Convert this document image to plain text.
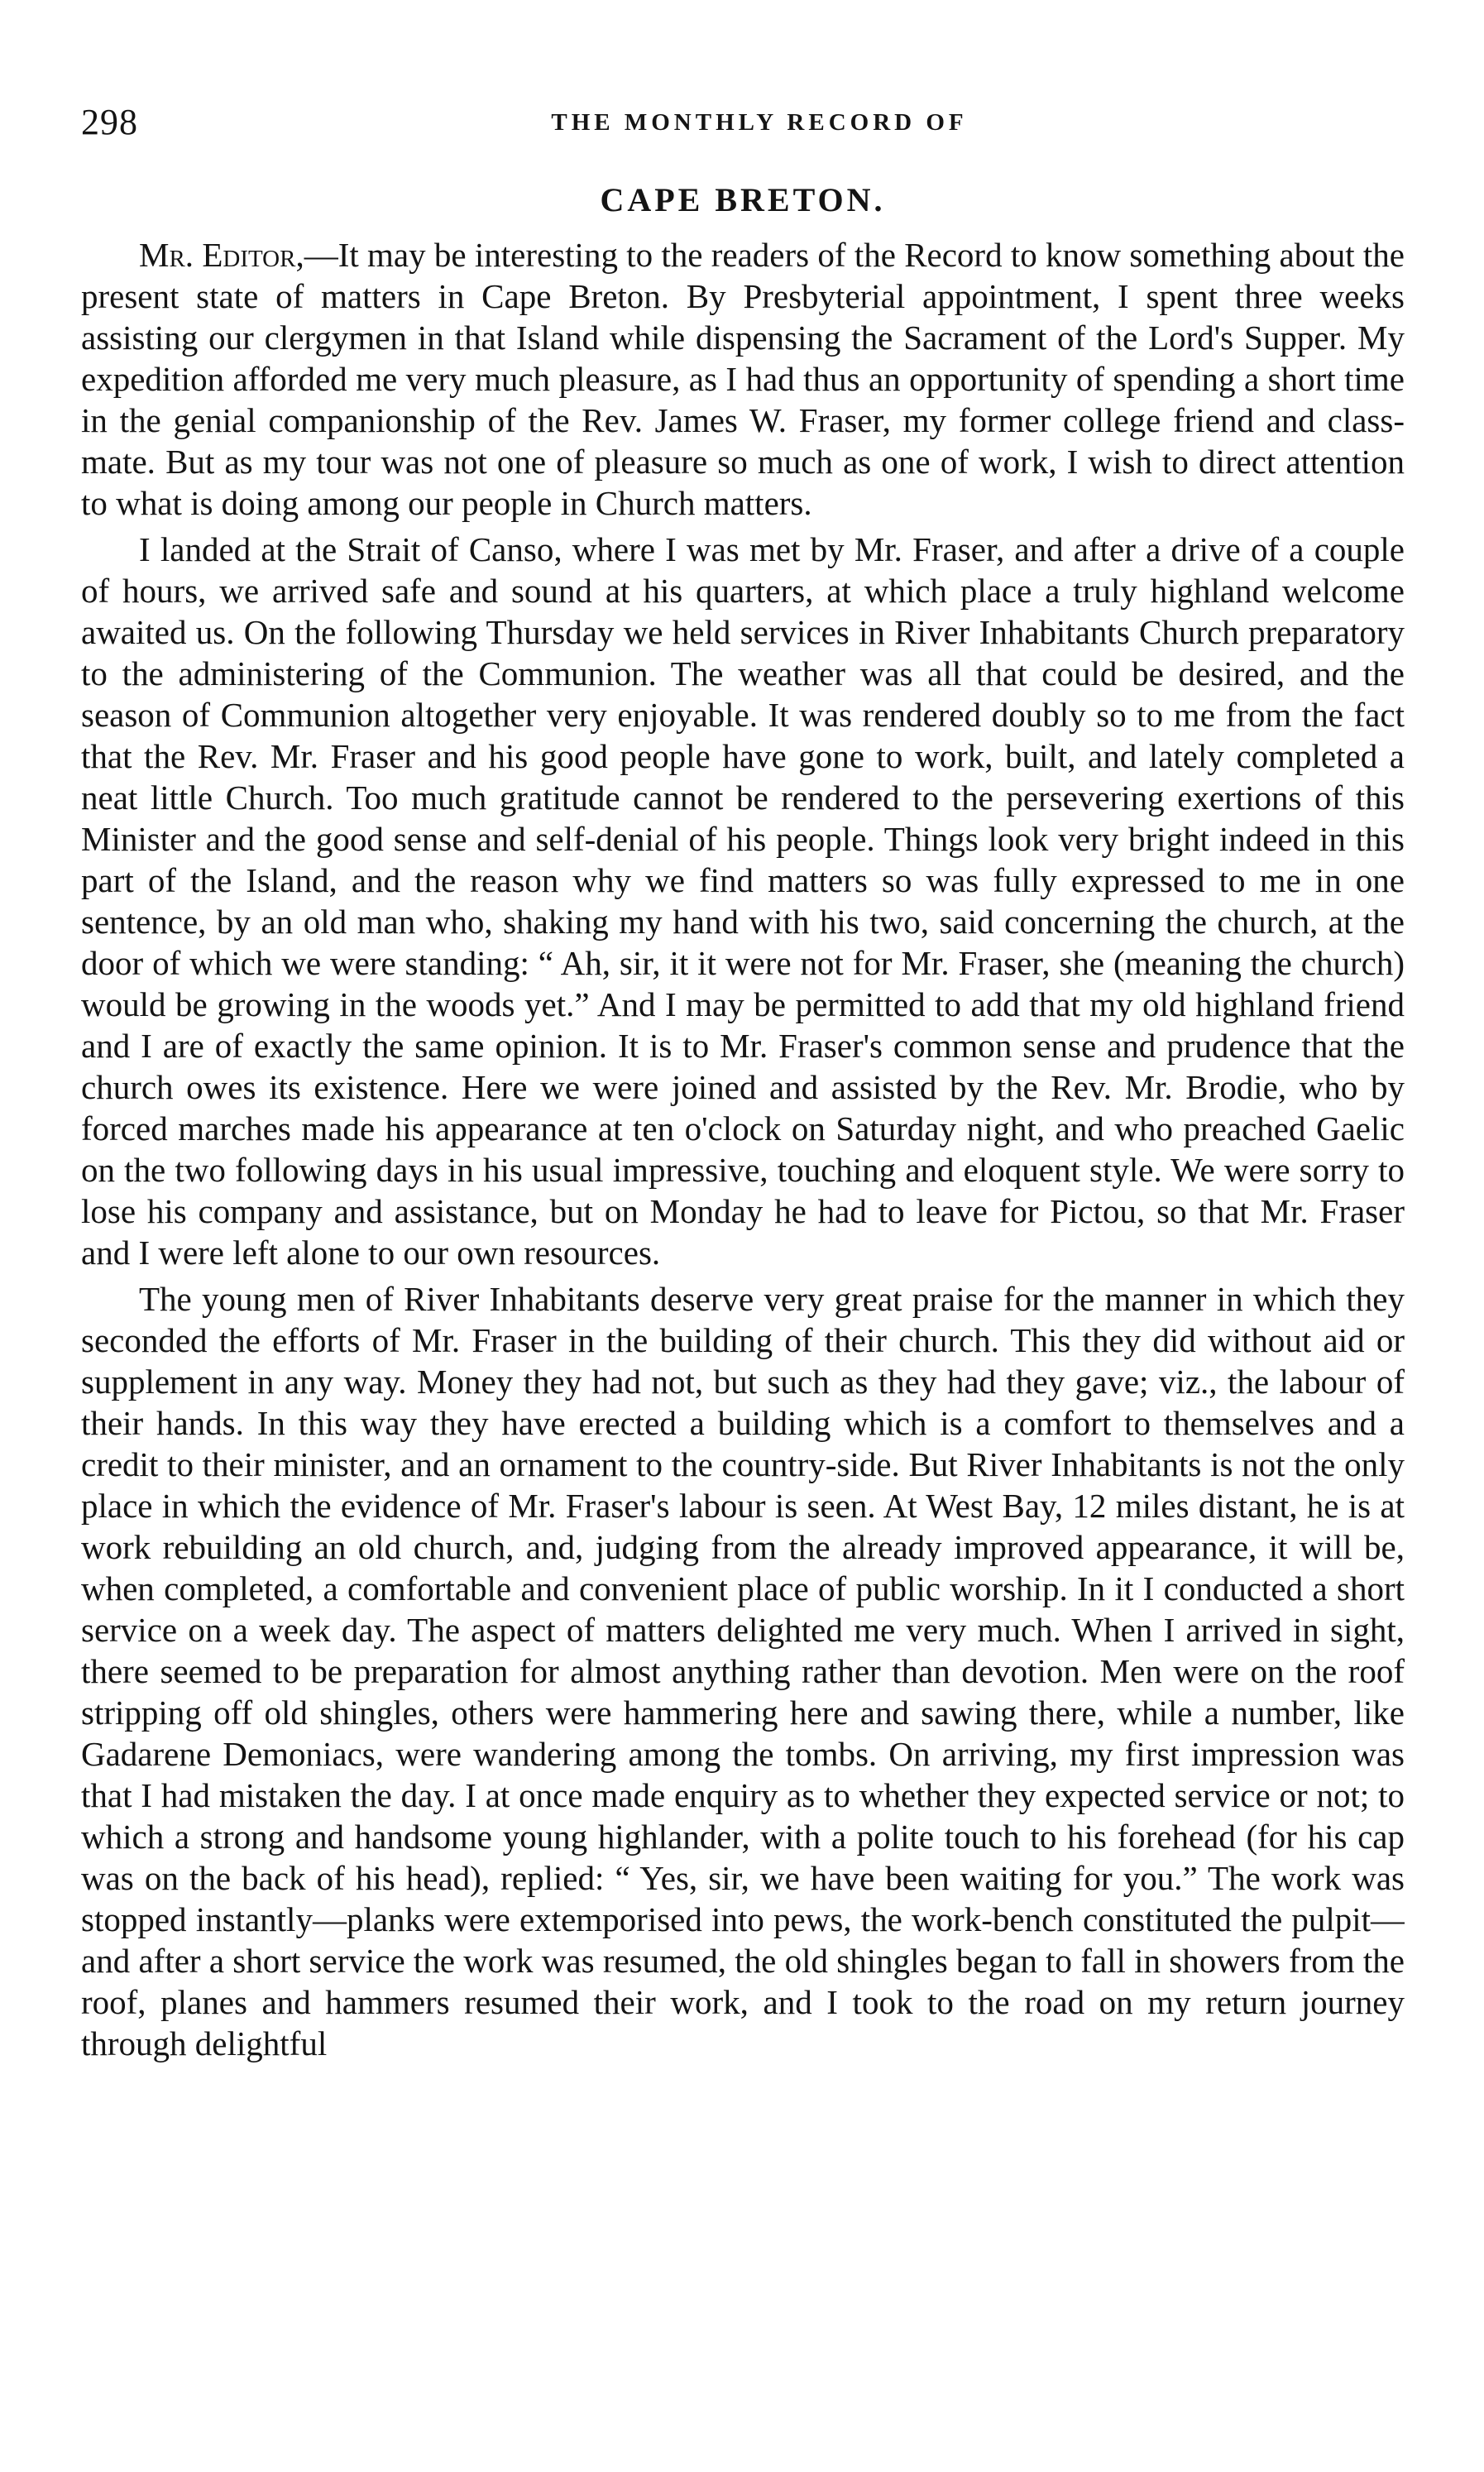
298	THE MONTHLY RECORD OF
CAPE BRETON.

Mr. Editor,—It may be interesting to the readers of the Record to know something about the present state of matters in Cape Breton. By Presbyterial appointment, I spent three weeks assisting our clergymen in that Island while dispensing the Sacrament of the Lord's Supper. My expedition afforded me very much pleasure, as I had thus an opportunity of spending a short time in the genial companionship of the Rev. James W. Fraser, my former college friend and class-mate. But as my tour was not one of pleasure so much as one of work, I wish to direct attention to what is doing among our people in Church matters.

I landed at the Strait of Canso, where I was met by Mr. Fraser, and after a drive of a couple of hours, we arrived safe and sound at his quarters, at which place a truly highland welcome awaited us. On the following Thursday we held services in River Inhabitants Church preparatory to the administering of the Communion. The weather was all that could be desired, and the season of Communion altogether very enjoyable. It was rendered doubly so to me from the fact that the Rev. Mr. Fraser and his good people have gone to work, built, and lately completed a neat little Church. Too much gratitude cannot be rendered to the persevering exertions of this Minister and the good sense and self-denial of his people. Things look very bright indeed in this part of the Island, and the reason why we find matters so was fully expressed to me in one sentence, by an old man who, shaking my hand with his two, said concerning the church, at the door of which we were standing: “ Ah, sir, it it were not for Mr. Fraser, she (meaning the church) would be growing in the woods yet.” And I may be permitted to add that my old highland friend and I are of exactly the same opinion. It is to Mr. Fraser's common sense and prudence that the church owes its existence. Here we were joined and assisted by the Rev. Mr. Brodie, who by forced marches made his appearance at ten o'clock on Saturday night, and who preached Gaelic on the two following days in his usual impressive, touching and eloquent style. We were sorry to lose his company and assistance, but on Monday he had to leave for Pictou, so that Mr. Fraser and I were left alone to our own resources.

The young men of River Inhabitants deserve very great praise for the manner in which they seconded the efforts of Mr. Fraser in the building of their church. This they did without aid or supplement in any way. Money they had not, but such as they had they gave; viz., the labour of their hands. In this way they have erected a building which is a comfort to themselves and a credit to their minister, and an ornament to the country-side. But River Inhabitants is not the only place in which the evidence of Mr. Fraser's labour is seen. At West Bay, 12 miles distant, he is at work rebuilding an old church, and, judging from the already improved appearance, it will be, when completed, a comfortable and convenient place of public worship. In it I conducted a short service on a week day. The aspect of matters delighted me very much. When I arrived in sight, there seemed to be preparation for almost anything rather than devotion. Men were on the roof stripping off old shingles, others were hammering here and sawing there, while a number, like Gadarene Demoniacs, were wandering among the tombs. On arriving, my first impression was that I had mistaken the day. I at once made enquiry as to whether they expected service or not; to which a strong and handsome young highlander, with a polite touch to his forehead (for his cap was on the back of his head), replied: “ Yes, sir, we have been waiting for you.” The work was stopped instantly—planks were extemporised into pews, the work-bench constituted the pulpit—and after a short service the work was resumed, the old shingles began to fall in showers from the roof, planes and hammers resumed their work, and I took to the road on my return journey through delightful
